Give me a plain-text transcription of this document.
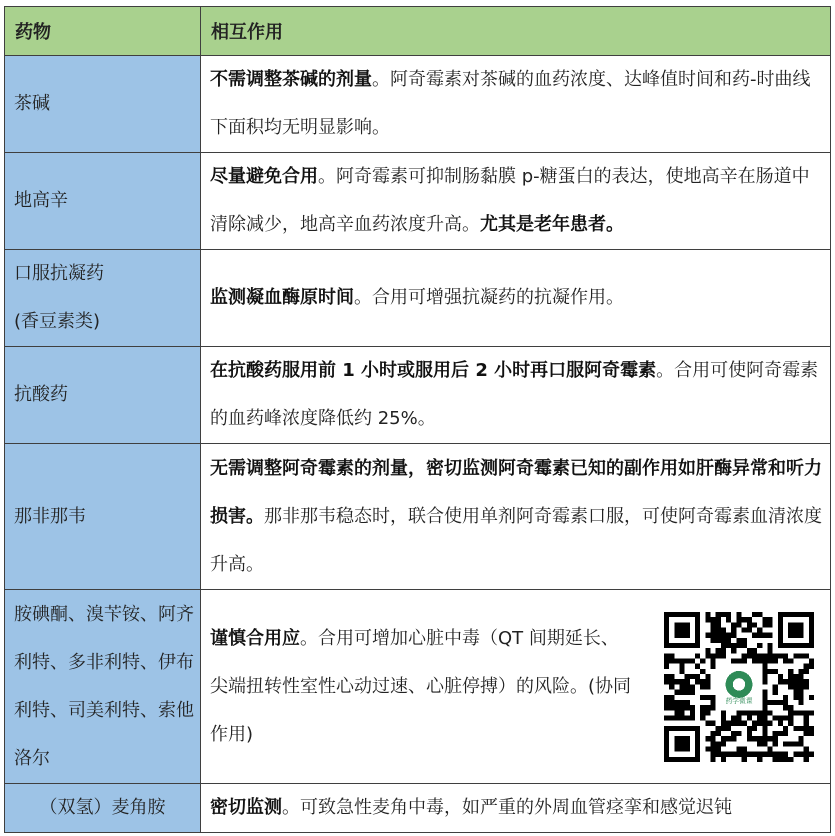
药物	相互作用
茶碱	不需调整茶碱的剂量。阿奇霉素对茶碱的血药浓度、达峰值时间和药-时曲线下面积均无明显影响。
地高辛	尽量避免合用。阿奇霉素可抑制肠黏膜 p-糖蛋白的表达，使地高辛在肠道中清除减少，地高辛血药浓度升高。尤其是老年患者。
口服抗凝药
(香豆素类)	监测凝血酶原时间。合用可增强抗凝药的抗凝作用。
抗酸药	在抗酸药服用前 1 小时或服用后 2 小时再口服阿奇霉素。合用可使阿奇霉素的血药峰浓度降低约 25%。
那非那韦	无需调整阿奇霉素的剂量，密切监测阿奇霉素已知的副作用如肝酶异常和听力损害。那非那韦稳态时，联合使用单剂阿奇霉素口服，可使阿奇霉素血清浓度升高。
胺碘酮、溴苄铵、阿齐利特、多非利特、伊布利特、司美利特、索他洛尔	谨慎合用应。合用可增加心脏中毒（QT 间期延长、尖端扭转性室性心动过速、心脏停搏）的风险。(协同作用)
药学微课

（双氢）麦角胺	密切监测。可致急性麦角中毒，如严重的外周血管痉挛和感觉迟钝
